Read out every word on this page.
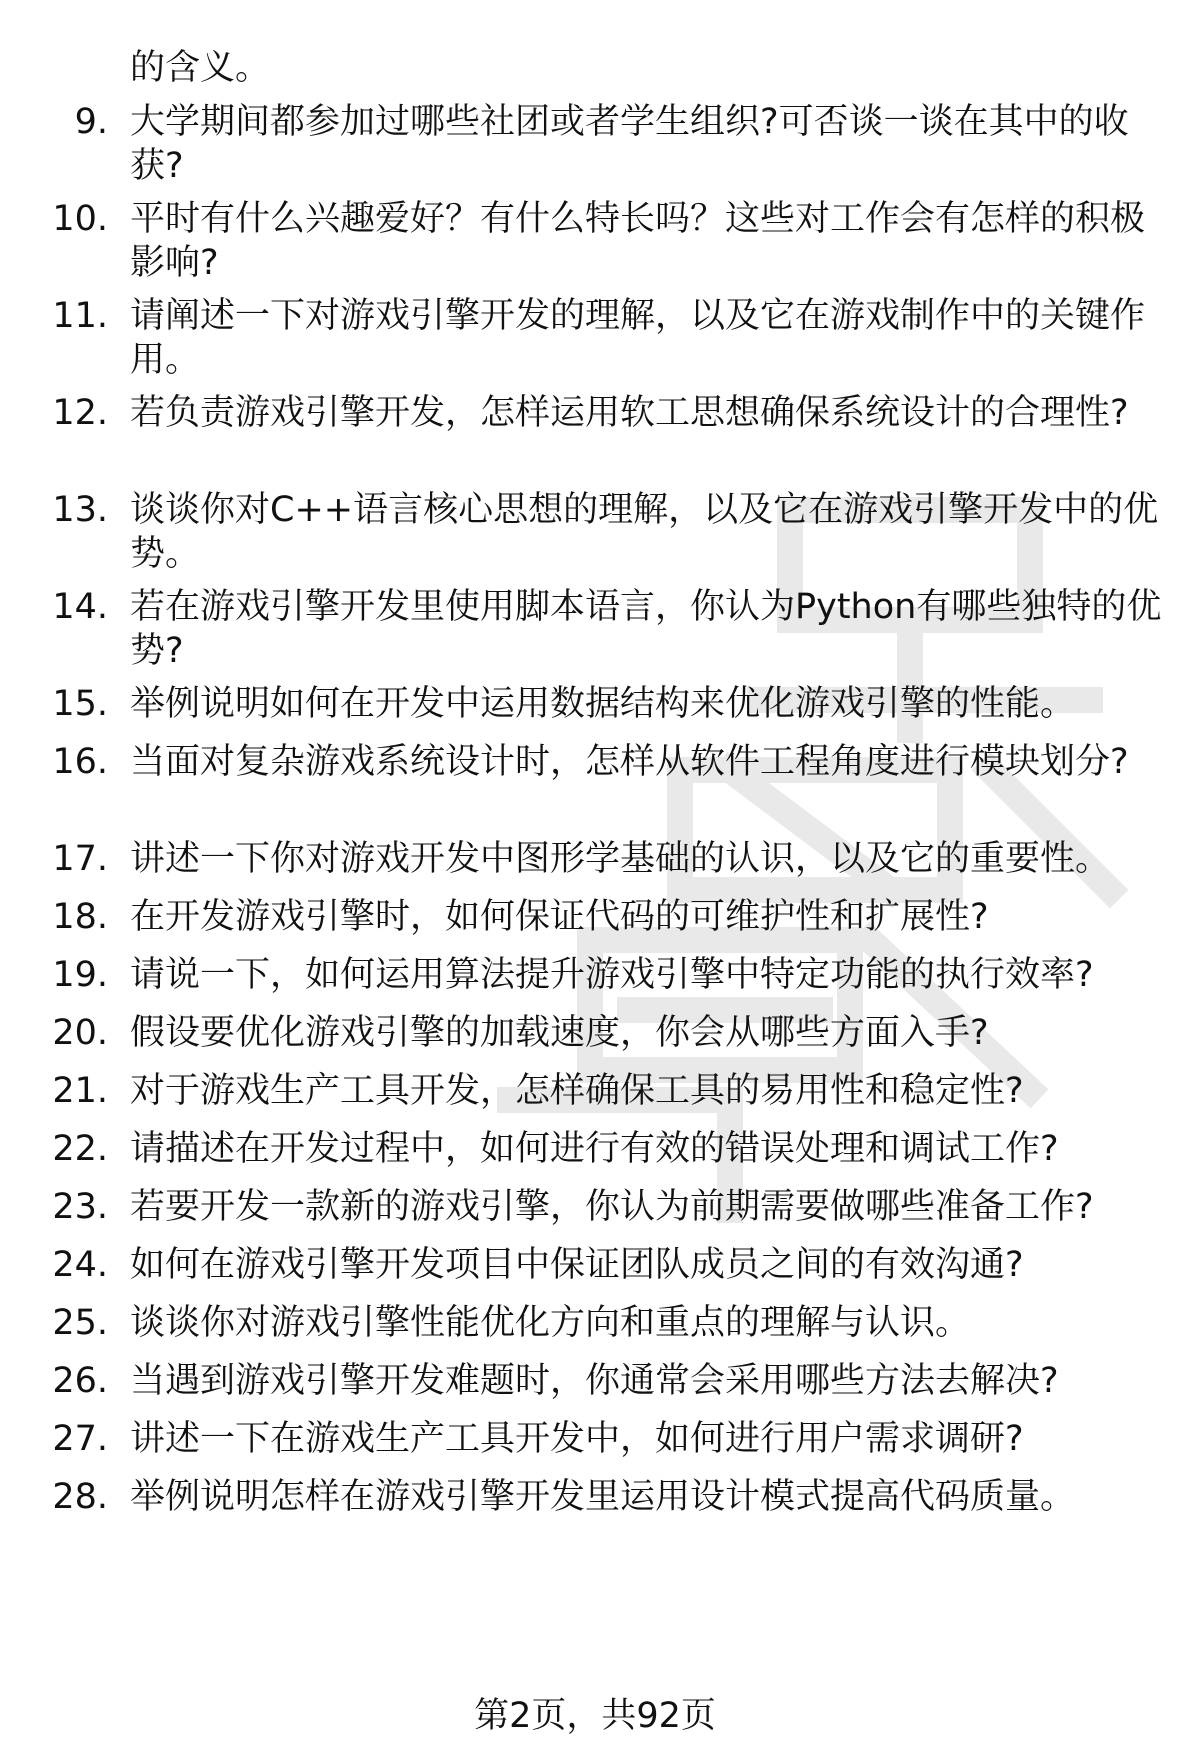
的含义。
9. 大学期间都参加过哪些社团或者学生组织?可否谈一谈在其中的收获?
10. 平时有什么兴趣爱好？有什么特长吗？这些对工作会有怎样的积极影响?
11. 请阐述一下对游戏引擎开发的理解，以及它在游戏制作中的关键作用。
12. 若负责游戏引擎开发，怎样运用软工思想确保系统设计的合理性?
13. 谈谈你对C++语言核心思想的理解，以及它在游戏引擎开发中的优势。
14. 若在游戏引擎开发里使用脚本语言，你认为Python有哪些独特的优势?
15. 举例说明如何在开发中运用数据结构来优化游戏引擎的性能。
16. 当面对复杂游戏系统设计时，怎样从软件工程角度进行模块划分?
17. 讲述一下你对游戏开发中图形学基础的认识，以及它的重要性。
18. 在开发游戏引擎时，如何保证代码的可维护性和扩展性?
19. 请说一下，如何运用算法提升游戏引擎中特定功能的执行效率?
20. 假设要优化游戏引擎的加载速度，你会从哪些方面入手?
21. 对于游戏生产工具开发，怎样确保工具的易用性和稳定性?
22. 请描述在开发过程中，如何进行有效的错误处理和调试工作?
23. 若要开发一款新的游戏引擎，你认为前期需要做哪些准备工作?
24. 如何在游戏引擎开发项目中保证团队成员之间的有效沟通?
25. 谈谈你对游戏引擎性能优化方向和重点的理解与认识。
26. 当遇到游戏引擎开发难题时，你通常会采用哪些方法去解决?
27. 讲述一下在游戏生产工具开发中，如何进行用户需求调研?
28. 举例说明怎样在游戏引擎开发里运用设计模式提高代码质量。
第2页，共92页
